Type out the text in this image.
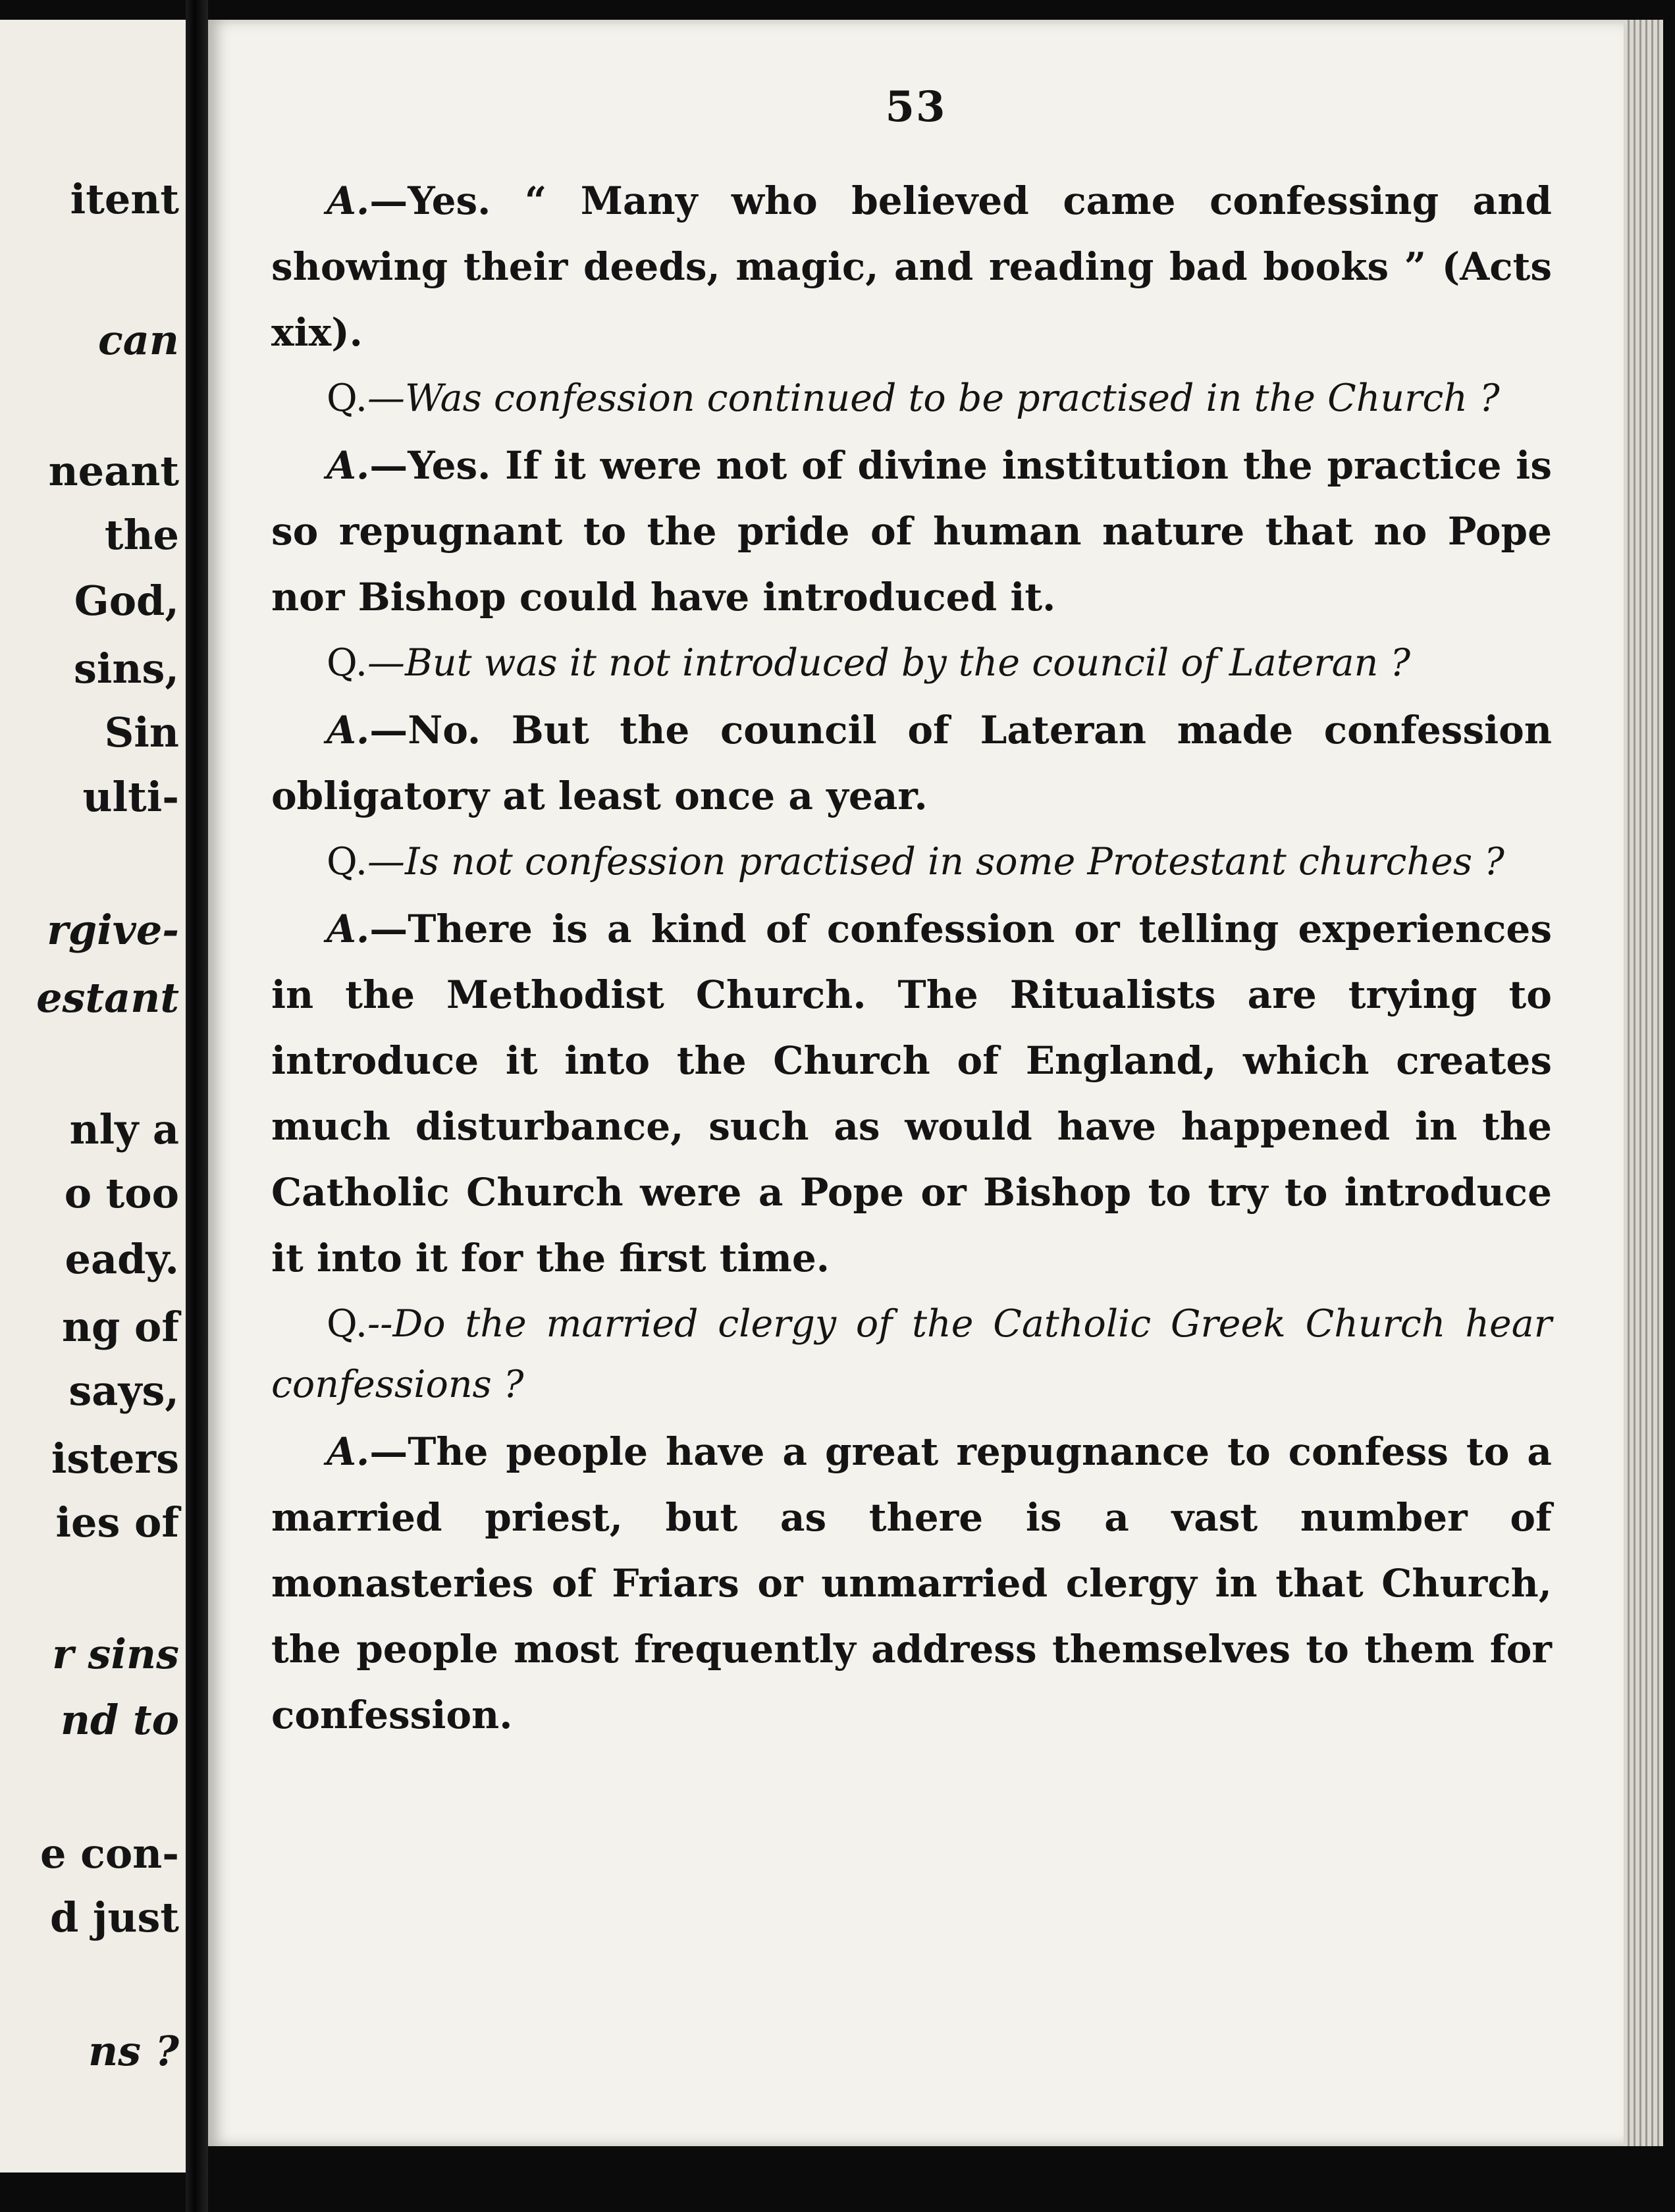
itent
can
neant
the
God,
sins,
Sin
ulti-
rgive-
estant
nly a
o too
eady.
ng of
says,
isters
ies of
r sins
nd to
e con-
d just
ns ?
53

A.—Yes. “ Many who believed came confessing and showing their deeds, magic, and reading bad books ” (Acts xix).

Q.—Was confession continued to be practised in the Church ?

A.—Yes. If it were not of divine institution the practice is so repugnant to the pride of human nature that no Pope nor Bishop could have introduced it.

Q.—But was it not introduced by the council of Lateran ?

A.—No. But the council of Lateran made confession obligatory at least once a year.

Q.—Is not confession practised in some Protestant churches ?

A.—There is a kind of confession or telling experiences in the Methodist Church. The Ritualists are trying to introduce it into the Church of England, which creates much disturbance, such as would have happened in the Catholic Church were a Pope or Bishop to try to introduce it into it for the first time.

Q.--Do the married clergy of the Catholic Greek Church hear confessions ?

A.—The people have a great repugnance to confess to a married priest, but as there is a vast number of monasteries of Friars or unmarried clergy in that Church, the people most frequently address themselves to them for confession.
